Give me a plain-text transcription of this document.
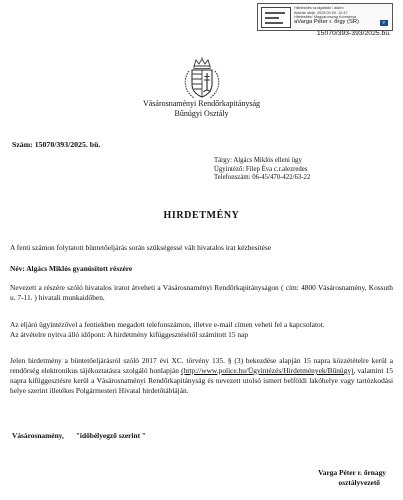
Hitelesítés szolgáltató / aláíró
Aláírás ideje: 2025.00.00. 12:47
Hitelesítés: Magyarország Kormánya
aVarga Péter r. őrgy (SR)	P
15070/393-393/2025.bü.
Vásárosnaményi Rendőrkapitányság
Bűnügyi Osztály
Szám: 15070/393/2025. bü.
Tárgy: Algács Miklós elleni ügy
Ügyintéző: Filep Éva c.r.alezredes
Telefonszám: 06-45/470-422/63-22
HIRDETMÉNY
A fenti számon folytatott büntetőeljárás során szükségessé vált hivatalos irat kézbesítése
Név: Algács Miklós gyanúsított részére
Nevezett a részére szóló hivatalos iratot átveheti a Vásárosnaményi Rendőrkapitányságon ( cím: 4800 Vásárosnamény, Kossuth u. 7-11. ) hivatali munkaidőben.
Az eljáró ügyintézővel a fentiekben megadott telefonszámon, illetve e-mail címen veheti fel a kapcsolatot.
Az átvételre nyitva álló időpont: A hirdetmény kifüggesztésétől számított 15 nap
Jelen hirdetmény a büntetőeljárásról szóló 2017 évi XC. törvény 135. § (3) bekezdése alapján 15 napra közzétételre kerül a rendőrség elektronikus tájékoztatásra szolgáló honlapján (http://www.police.hu/Ügyintézés/Hirdetmények/Bűnügy), valamint 15 napra kifüggesztésre kerül a Vásárosnaményi Rendőrkapitányság és nevezett utolsó ismert belföldi lakóhelye vagy tartózkodási helye szerint illetékes Polgármesteri Hivatal hirdetőtábláján.
Vásárosnamény, "időbélyegző szerint "
Varga Péter r. őrnagy
osztályvezető
